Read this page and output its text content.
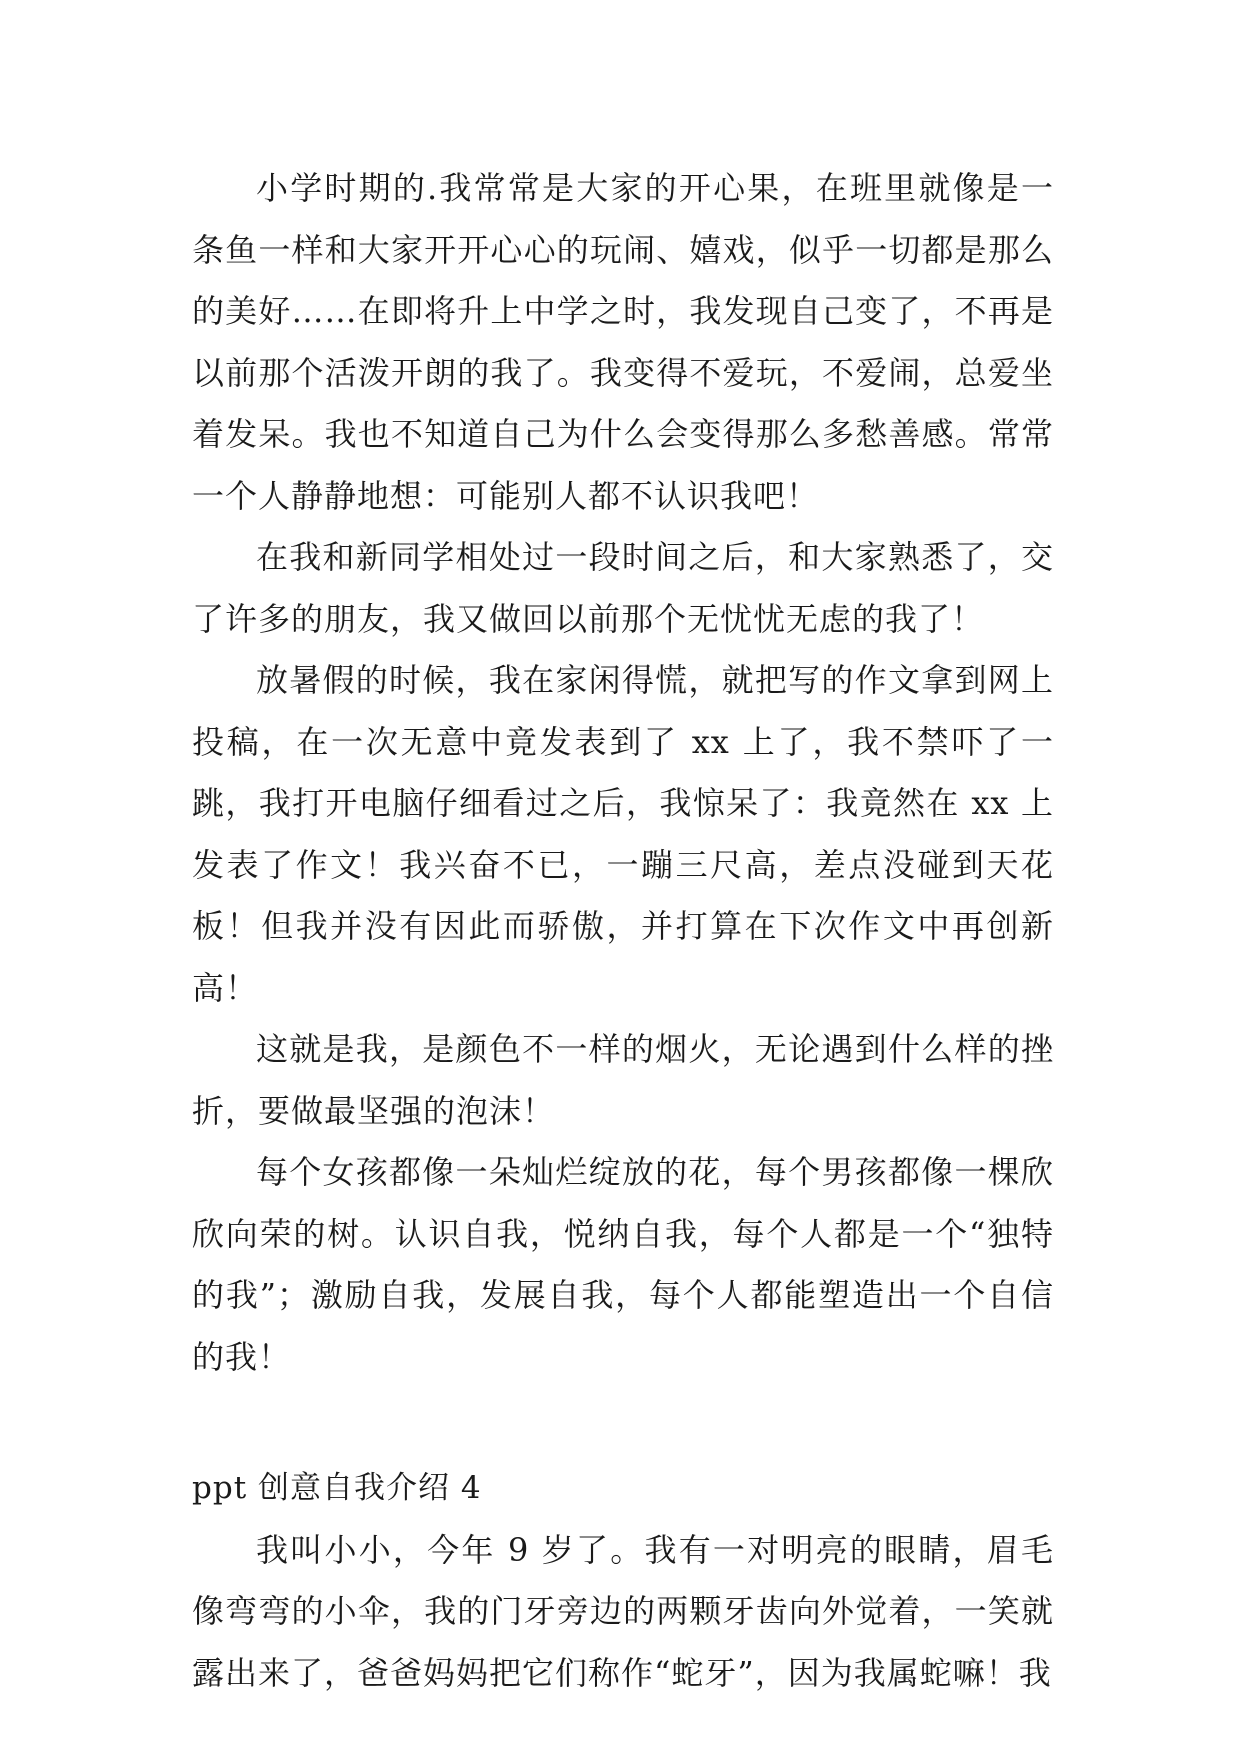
小学时期的.我常常是大家的开心果，在班里就像是一条鱼一样和大家开开心心的玩闹、嬉戏，似乎一切都是那么的美好……在即将升上中学之时，我发现自己变了，不再是以前那个活泼开朗的我了。我变得不爱玩，不爱闹，总爱坐着发呆。我也不知道自己为什么会变得那么多愁善感。常常一个人静静地想：可能别人都不认识我吧！

在我和新同学相处过一段时间之后，和大家熟悉了，交了许多的朋友，我又做回以前那个无忧忧无虑的我了！

放暑假的时候，我在家闲得慌，就把写的作文拿到网上投稿，在一次无意中竟发表到了 xx 上了，我不禁吓了一跳，我打开电脑仔细看过之后，我惊呆了：我竟然在 xx 上发表了作文！我兴奋不已，一蹦三尺高，差点没碰到天花板！但我并没有因此而骄傲，并打算在下次作文中再创新高！

这就是我，是颜色不一样的烟火，无论遇到什么样的挫折，要做最坚强的泡沫！

每个女孩都像一朵灿烂绽放的花，每个男孩都像一棵欣欣向荣的树。认识自我，悦纳自我，每个人都是一个“独特的我”；激励自我，发展自我，每个人都能塑造出一个自信的我！

ppt 创意自我介绍 4

我叫小小，今年 9 岁了。我有一对明亮的眼睛，眉毛像弯弯的小伞，我的门牙旁边的两颗牙齿向外觉着，一笑就露出来了，爸爸妈妈把它们称作“蛇牙”，因为我属蛇嘛！我
